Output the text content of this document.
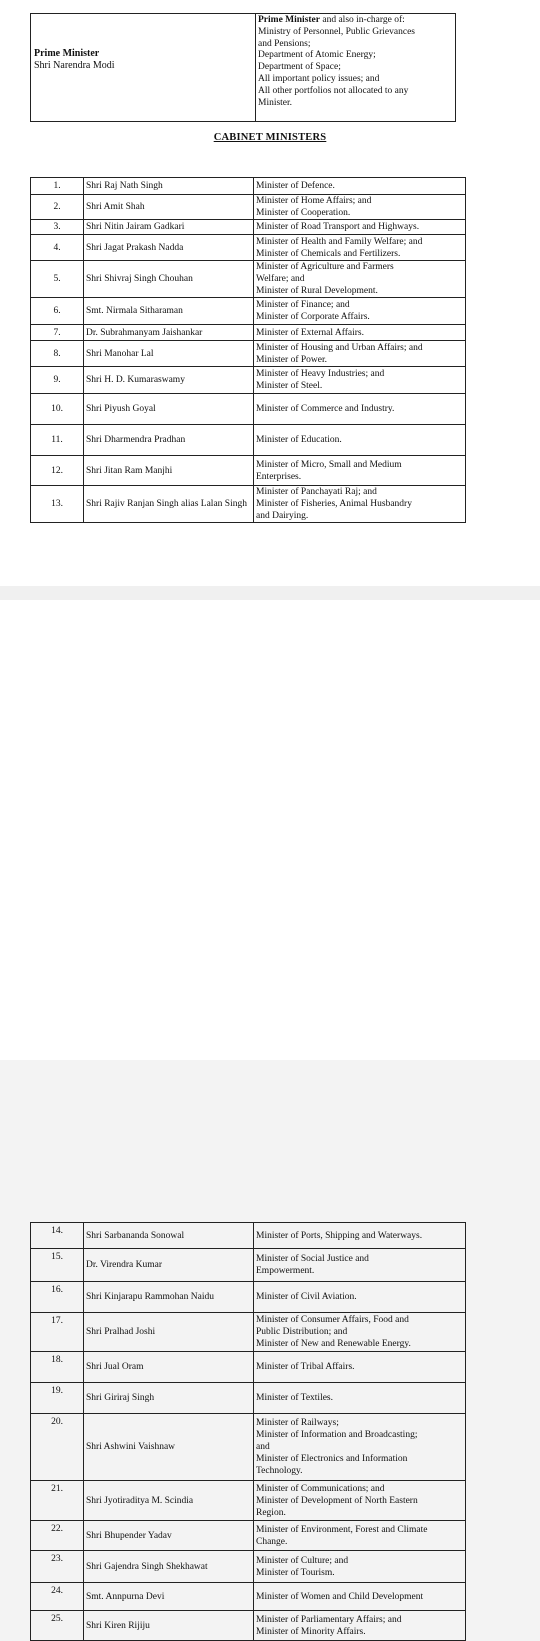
Prime Minister
Shri Narendra Modi
Prime Minister and also in-charge of:
Ministry of Personnel, Public Grievances
and Pensions;
Department of Atomic Energy;
Department of Space;
All important policy issues; and
All other portfolios not allocated to any
Minister.
CABINET MINISTERS
1.	Shri Raj Nath Singh	Minister of Defence.

2.	Shri Amit Shah	Minister of Home Affairs; and
Minister of Cooperation.

3.	Shri Nitin Jairam Gadkari	Minister of Road Transport and Highways.

4.	Shri Jagat Prakash Nadda	Minister of Health and Family Welfare; and
Minister of Chemicals and Fertilizers.

5.	Shri Shivraj Singh Chouhan	Minister of Agriculture and Farmers
Welfare; and
Minister of Rural Development.

6.	Smt. Nirmala Sitharaman	Minister of Finance; and
Minister of Corporate Affairs.

7.	Dr. Subrahmanyam Jaishankar	Minister of External Affairs.

8.	Shri Manohar Lal	Minister of Housing and Urban Affairs; and
Minister of Power.

9.	Shri H. D. Kumaraswamy	Minister of Heavy Industries; and
Minister of Steel.

10.	Shri Piyush Goyal	Minister of Commerce and Industry.

11.	Shri Dharmendra Pradhan	Minister of Education.

12.	Shri Jitan Ram Manjhi	Minister of Micro, Small and Medium
Enterprises.

13.	Shri Rajiv Ranjan Singh alias Lalan Singh	Minister of Panchayati Raj; and
Minister of Fisheries, Animal Husbandry
and Dairying.
14.	Shri Sarbananda Sonowal	Minister of Ports, Shipping and Waterways.

15.	Dr. Virendra Kumar	Minister of Social Justice and
Empowerment.

16.	Shri Kinjarapu Rammohan Naidu	Minister of Civil Aviation.

17.	Shri Pralhad Joshi	Minister of Consumer Affairs, Food and
Public Distribution; and
Minister of New and Renewable Energy.

18.	Shri Jual Oram	Minister of Tribal Affairs.

19.	Shri Giriraj Singh	Minister of Textiles.

20.	Shri Ashwini Vaishnaw	Minister of Railways;
Minister of Information and Broadcasting;
and
Minister of Electronics and Information
Technology.

21.	Shri Jyotiraditya M. Scindia	Minister of Communications; and
Minister of Development of North Eastern
Region.

22.	Shri Bhupender Yadav	Minister of Environment, Forest and Climate
Change.

23.	Shri Gajendra Singh Shekhawat	Minister of Culture; and
Minister of Tourism.

24.	Smt. Annpurna Devi	Minister of Women and Child Development

25.	Shri Kiren Rijiju	Minister of Parliamentary Affairs; and
Minister of Minority Affairs.
